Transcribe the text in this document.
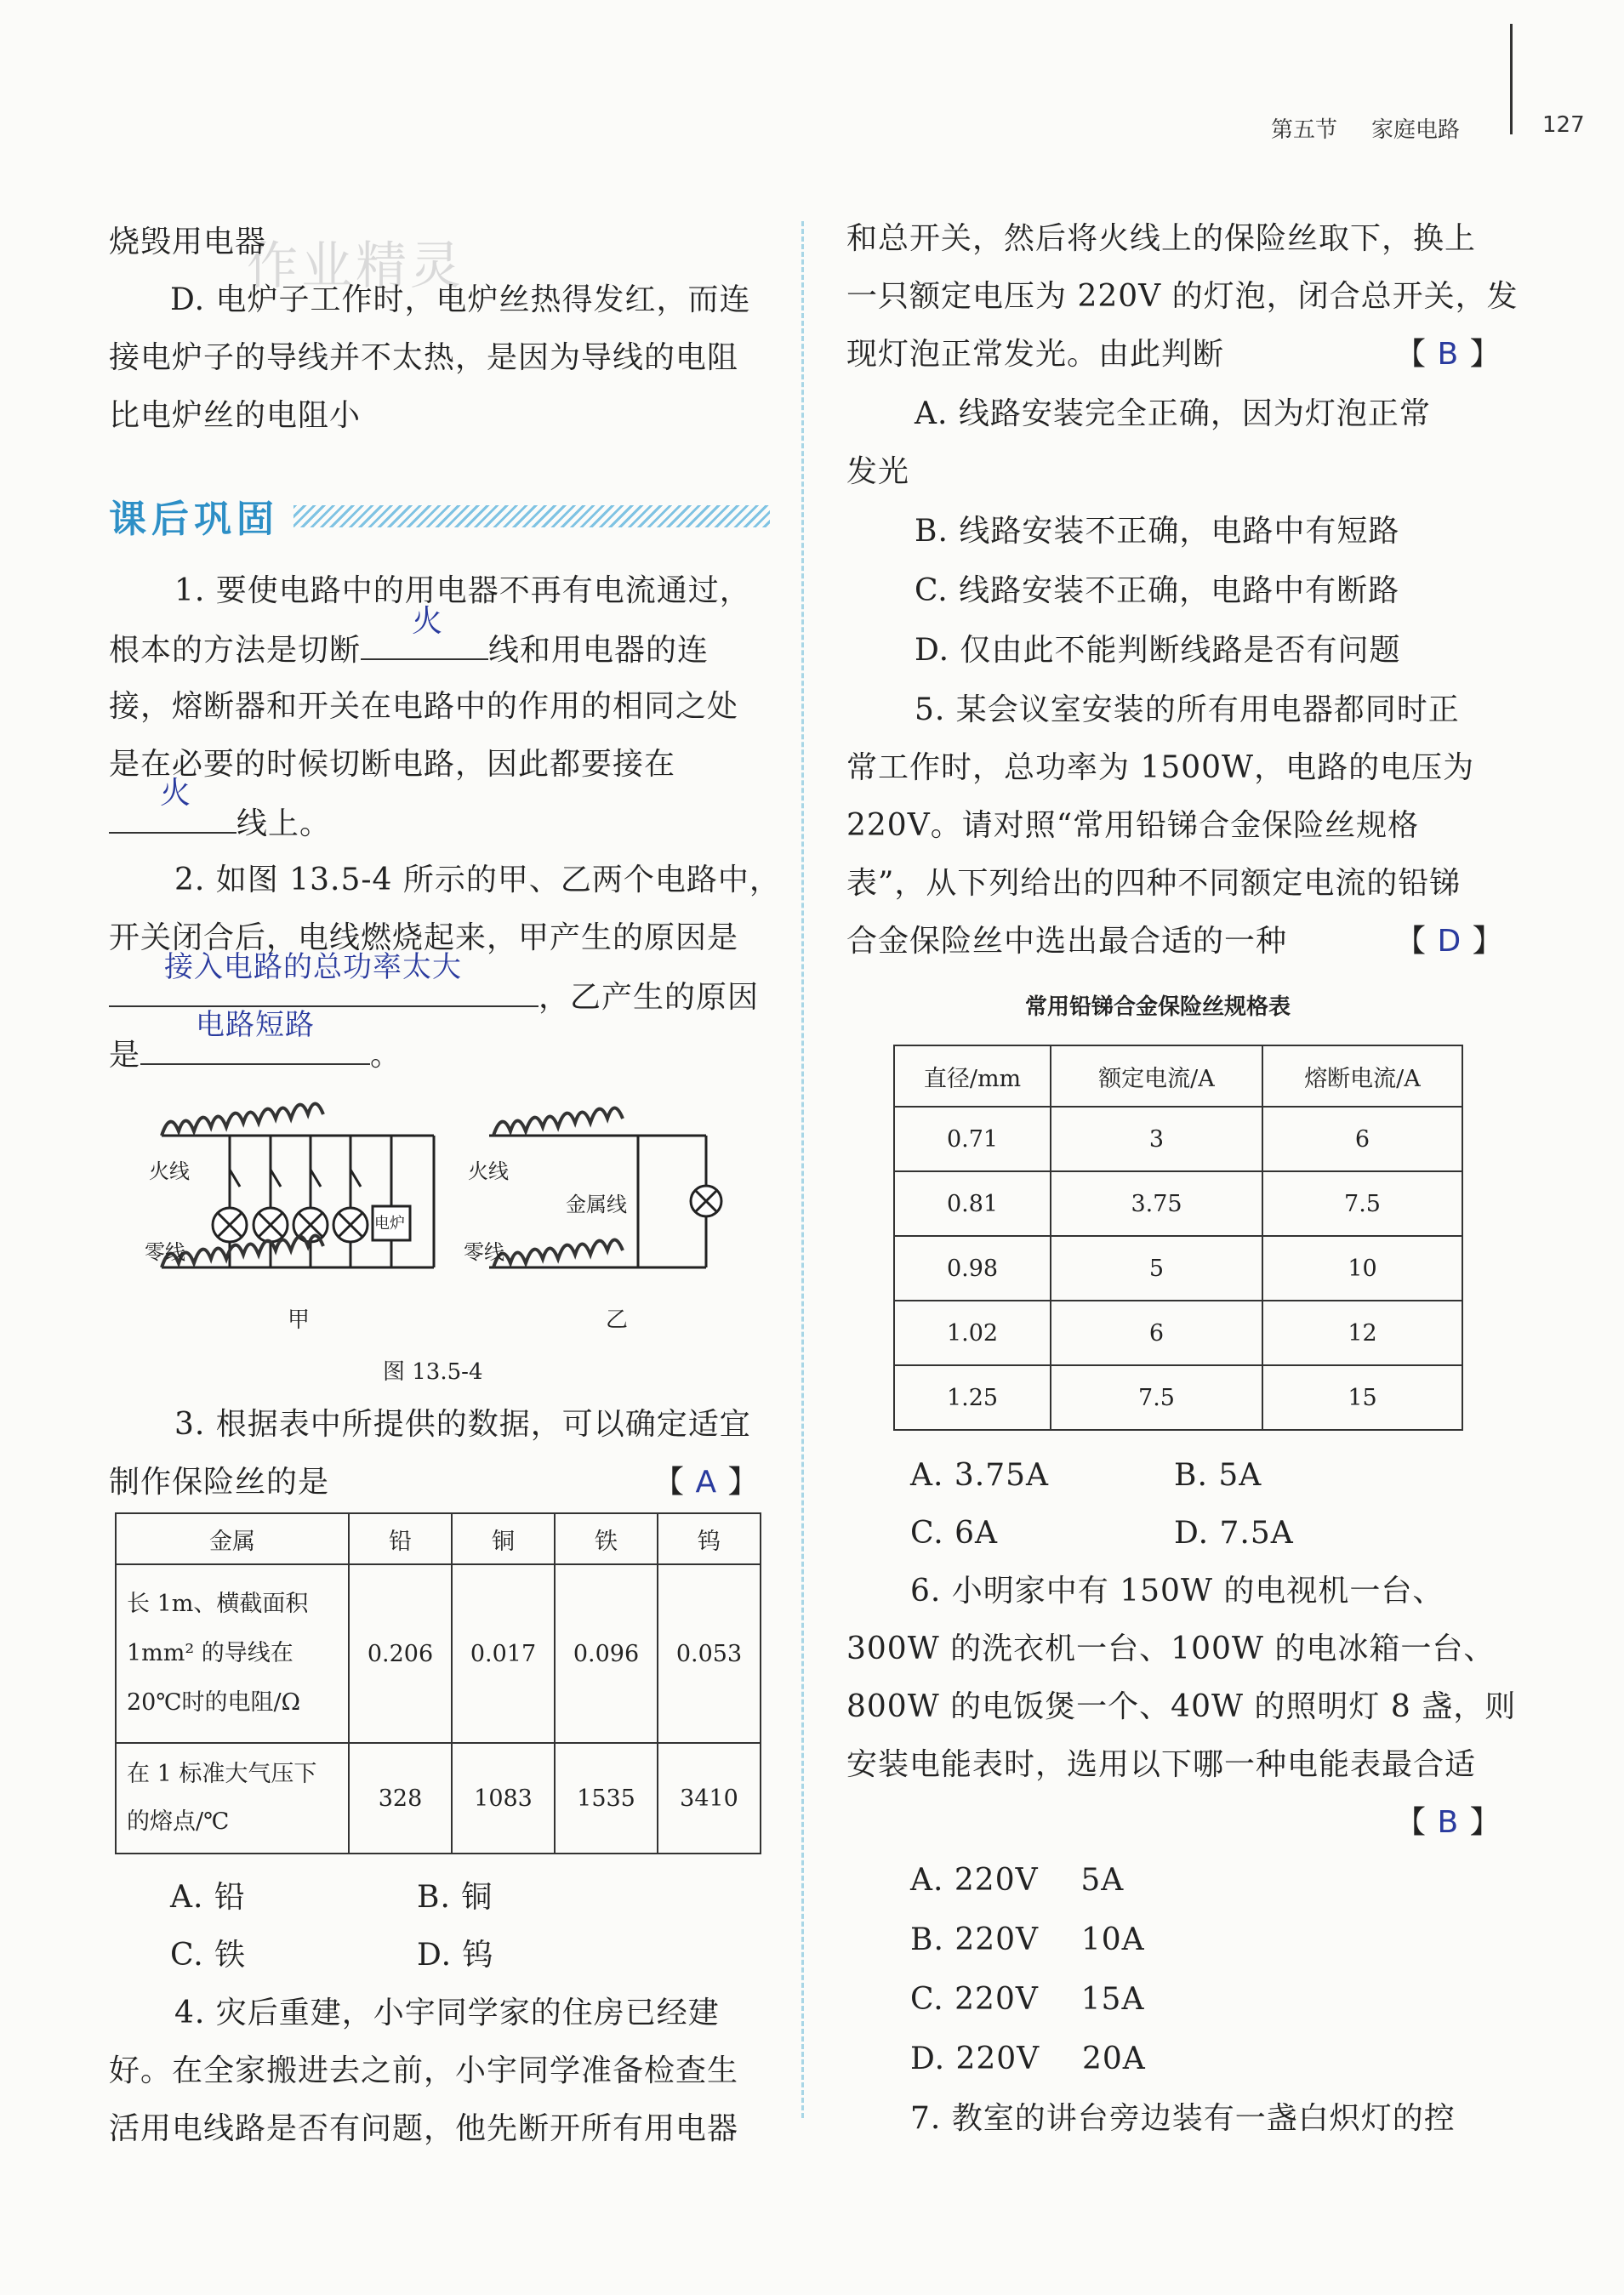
第五节 家庭电路	127
作业精灵
烧毁用电器
D. 电炉子工作时，电炉丝热得发红，而连
接电炉子的导线并不太热，是因为导线的电阻
比电炉丝的电阻小
课后巩固
1. 要使电路中的用电器不再有电流通过，
根本的方法是切断
火
线和用电器的连
接，熔断器和开关在电路中的作用的相同之处
是在必要的时候切断电路，因此都要接在
火
线上。
2. 如图 13.5-4 所示的甲、乙两个电路中，
开关闭合后，电线燃烧起来，甲产生的原因是
接入电路的总功率太大
，乙产生的原因
是
电路短路
。
火线
零线
电炉
火线
金属线
零线
甲	乙
图 13.5-4
3. 根据表中所提供的数据，可以确定适宜
制作保险丝的是	【 A 】
金属	铅	铜	铁	钨

长 1m、横截面积
1mm² 的导线在
20℃时的电阻/Ω	0.206	0.017	0.096	0.053

在 1 标准大气压下
的熔点/℃	328	1083	1535	3410
A. 铅	B. 铜
C. 铁	D. 钨
4. 灾后重建，小宇同学家的住房已经建
好。在全家搬进去之前，小宇同学准备检查生
活用电线路是否有问题，他先断开所有用电器
和总开关，然后将火线上的保险丝取下，换上
一只额定电压为 220V 的灯泡，闭合总开关，发
现灯泡正常发光。由此判断	【 B 】
A. 线路安装完全正确，因为灯泡正常
发光
B. 线路安装不正确，电路中有短路
C. 线路安装不正确，电路中有断路
D. 仅由此不能判断线路是否有问题
5. 某会议室安装的所有用电器都同时正
常工作时，总功率为 1500W，电路的电压为
220V。请对照“常用铅锑合金保险丝规格
表”，从下列给出的四种不同额定电流的铅锑
合金保险丝中选出最合适的一种	【 D 】
常用铅锑合金保险丝规格表
直径/mm	额定电流/A	熔断电流/A
0.71	3	6
0.81	3.75	7.5
0.98	5	10
1.02	6	12
1.25	7.5	15
A. 3.75A	B. 5A
C. 6A	D. 7.5A
6. 小明家中有 150W 的电视机一台、
300W 的洗衣机一台、100W 的电冰箱一台、
800W 的电饭煲一个、40W 的照明灯 8 盏，则
安装电能表时，选用以下哪一种电能表最合适
【 B 】
A. 220V    5A
B. 220V    10A
C. 220V    15A
D. 220V    20A
7. 教室的讲台旁边装有一盏白炽灯的控
